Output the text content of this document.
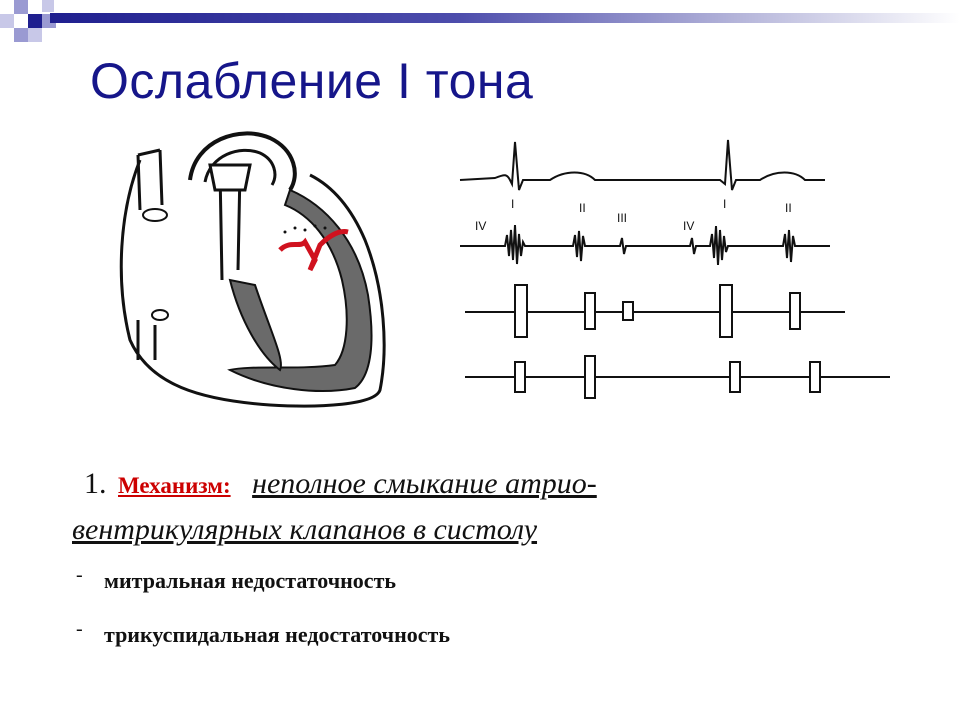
Ослабление I тона
IV
I	II
III
IV
I	II
1. Механизм: неполное смыкание атрио-
вентрикулярных клапанов в систолу
- митральная недостаточность
- трикуспидальная недостаточность
